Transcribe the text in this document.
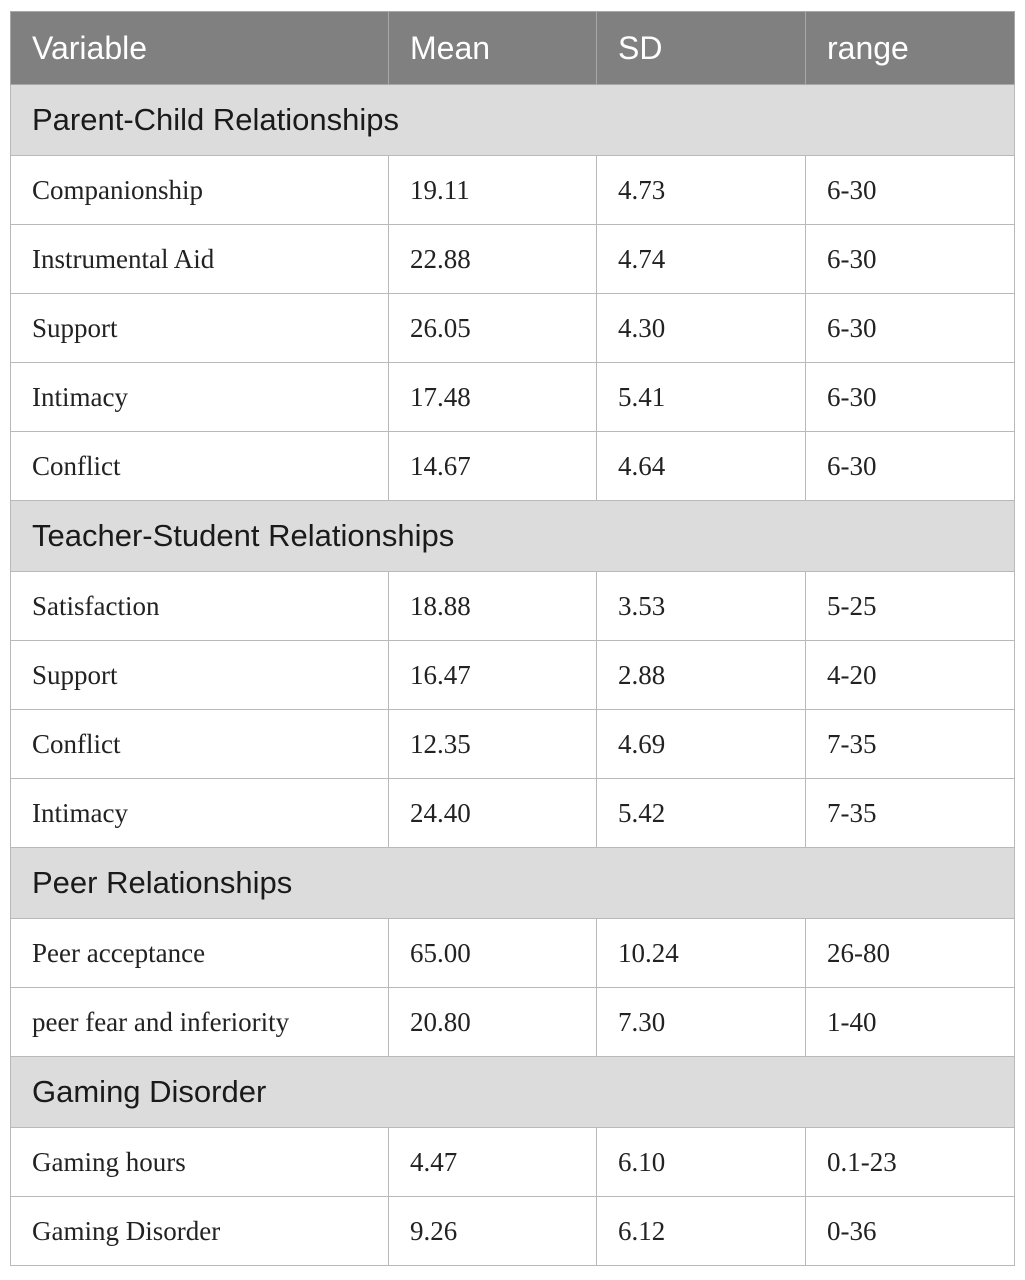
Variable	Mean	SD	range
Parent-Child Relationships			
Companionship	19.11	4.73	6-30
Instrumental Aid	22.88	4.74	6-30
Support	26.05	4.30	6-30
Intimacy	17.48	5.41	6-30
Conflict	14.67	4.64	6-30
Teacher-Student Relationships			
Satisfaction	18.88	3.53	5-25
Support	16.47	2.88	4-20
Conflict	12.35	4.69	7-35
Intimacy	24.40	5.42	7-35
Peer Relationships			
Peer acceptance	65.00	10.24	26-80
peer fear and inferiority	20.80	7.30	1-40
Gaming Disorder			
Gaming hours	4.47	6.10	0.1-23
Gaming Disorder	9.26	6.12	0-36
